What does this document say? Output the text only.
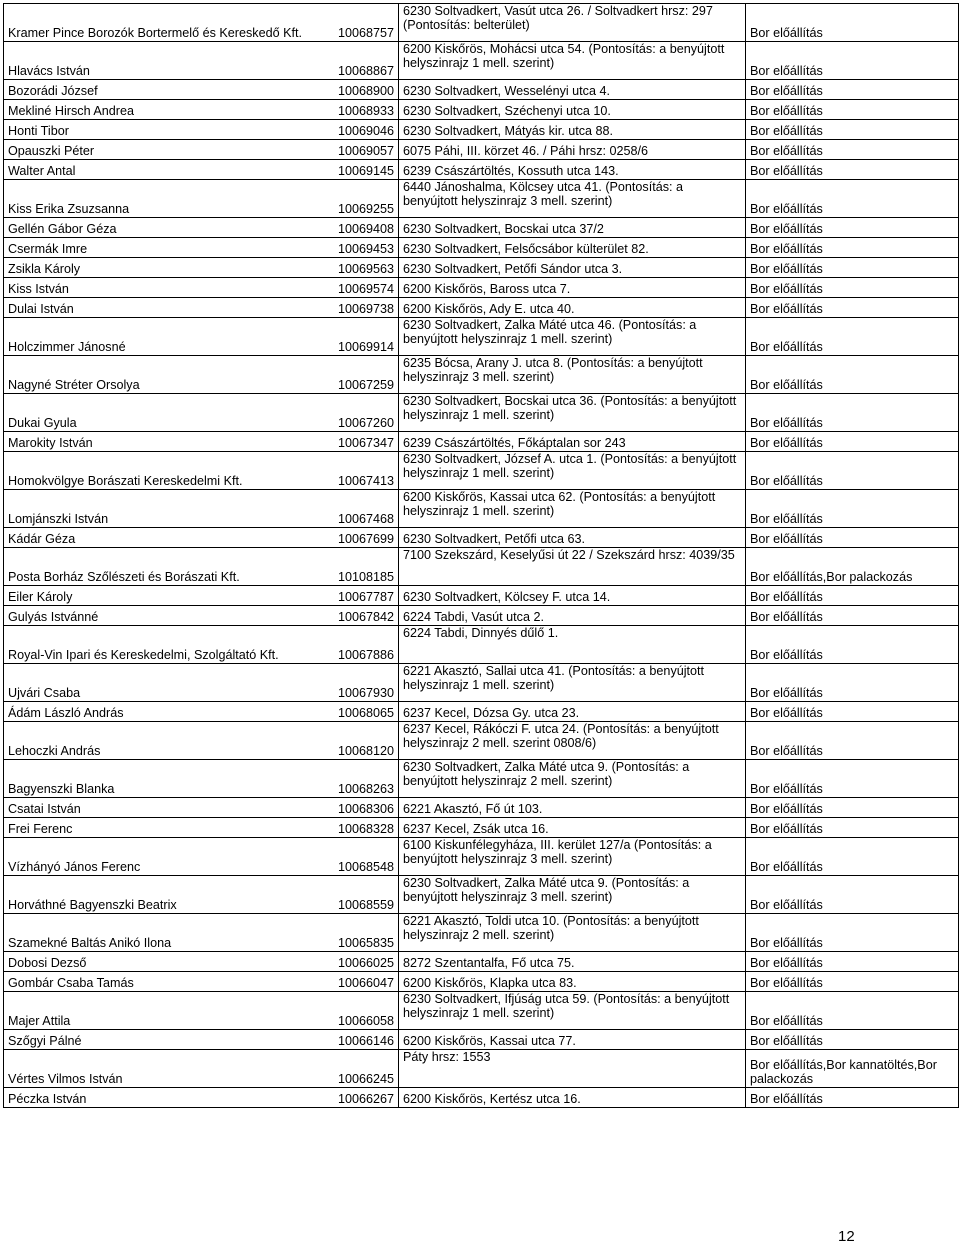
Kramer Pince Borozók Bortermelő és Kereskedő Kft. 10068757	6230 Soltvadkert, Vasút utca 26. / Soltvadkert hrsz: 297 (Pontosítás: belterület)	Bor előállítás

Hlavács István 10068867	6200 Kiskőrös, Mohácsi utca 54. (Pontosítás: a benyújtott helyszinrajz 1 mell. szerint)	Bor előállítás

Bozorádi József 10068900	6230 Soltvadkert, Wesselényi utca 4.	Bor előállítás

Mekliné Hirsch Andrea 10068933	6230 Soltvadkert, Széchenyi utca 10.	Bor előállítás

Honti Tibor 10069046	6230 Soltvadkert, Mátyás kir. utca 88.	Bor előállítás

Opauszki Péter 10069057	6075 Páhi, III. körzet 46. / Páhi hrsz: 0258/6	Bor előállítás

Walter Antal 10069145	6239 Császártöltés, Kossuth utca 143.	Bor előállítás

Kiss Erika Zsuzsanna 10069255	6440 Jánoshalma, Kölcsey utca 41. (Pontosítás: a benyújtott helyszinrajz 3 mell. szerint)	Bor előállítás

Gellén Gábor Géza 10069408	6230 Soltvadkert, Bocskai utca 37/2	Bor előállítás

Csermák Imre 10069453	6230 Soltvadkert, Felsőcsábor külterület 82.	Bor előállítás

Zsikla Károly 10069563	6230 Soltvadkert, Petőfi Sándor utca 3.	Bor előállítás

Kiss István 10069574	6200 Kiskőrös, Baross utca 7.	Bor előállítás

Dulai István 10069738	6200 Kiskőrös, Ady E. utca 40.	Bor előállítás

Holczimmer Jánosné 10069914	6230 Soltvadkert, Zalka Máté utca 46. (Pontosítás: a benyújtott helyszinrajz 1 mell. szerint)	Bor előállítás

Nagyné Stréter Orsolya 10067259	6235 Bócsa, Arany J. utca 8. (Pontosítás: a benyújtott helyszinrajz 3 mell. szerint)	Bor előállítás

Dukai Gyula 10067260	6230 Soltvadkert, Bocskai utca 36. (Pontosítás: a benyújtott helyszinrajz 1 mell. szerint)	Bor előállítás

Marokity István 10067347	6239 Császártöltés, Főkáptalan sor 243	Bor előállítás

Homokvölgye Borászati Kereskedelmi Kft. 10067413	6230 Soltvadkert, József A. utca 1. (Pontosítás: a benyújtott helyszinrajz 1 mell. szerint)	Bor előállítás

Lomjánszki István 10067468	6200 Kiskőrös, Kassai utca 62. (Pontosítás: a benyújtott helyszinrajz 1 mell. szerint)	Bor előállítás

Kádár Géza 10067699	6230 Soltvadkert, Petőfi utca 63.	Bor előállítás

Posta Borház Szőlészeti és Borászati Kft. 10108185	7100 Szekszárd, Keselyűsi út 22 / Szekszárd hrsz: 4039/35	Bor előállítás,Bor palackozás

Eiler Károly 10067787	6230 Soltvadkert, Kölcsey F. utca 14.	Bor előállítás

Gulyás Istvánné 10067842	6224 Tabdi, Vasút utca 2.	Bor előállítás

Royal-Vin Ipari és Kereskedelmi, Szolgáltató Kft. 10067886	6224 Tabdi, Dinnyés dűlő 1.	Bor előállítás

Ujvári Csaba 10067930	6221 Akasztó, Sallai utca 41. (Pontosítás: a benyújtott helyszinrajz 1 mell. szerint)	Bor előállítás

Ádám László András 10068065	6237 Kecel, Dózsa Gy. utca 23.	Bor előállítás

Lehoczki András 10068120	6237 Kecel, Rákóczi F. utca 24. (Pontosítás: a benyújtott helyszinrajz 2 mell. szerint 0808/6)	Bor előállítás

Bagyenszki Blanka 10068263	6230 Soltvadkert, Zalka Máté utca 9. (Pontosítás: a benyújtott helyszinrajz 2 mell. szerint)	Bor előállítás

Csatai István 10068306	6221 Akasztó, Fő út 103.	Bor előállítás

Frei Ferenc 10068328	6237 Kecel, Zsák utca 16.	Bor előállítás

Vízhányó János Ferenc 10068548	6100 Kiskunfélegyháza, III. kerület 127/a (Pontosítás: a benyújtott helyszinrajz 3 mell. szerint)	Bor előállítás

Horváthné Bagyenszki Beatrix 10068559	6230 Soltvadkert, Zalka Máté utca 9. (Pontosítás: a benyújtott helyszinrajz 3 mell. szerint)	Bor előállítás

Szamekné Baltás Anikó Ilona 10065835	6221 Akasztó, Toldi utca 10. (Pontosítás: a benyújtott helyszinrajz 2 mell. szerint)	Bor előállítás

Dobosi Dezső 10066025	8272 Szentantalfa, Fő utca 75.	Bor előállítás

Gombár Csaba Tamás 10066047	6200 Kiskőrös, Klapka utca 83.	Bor előállítás

Majer Attila 10066058	6230 Soltvadkert, Ifjúság utca 59. (Pontosítás: a benyújtott helyszinrajz 1 mell. szerint)	Bor előállítás

Szőgyi Pálné 10066146	6200 Kiskőrös, Kassai utca 77.	Bor előállítás

Vértes Vilmos István 10066245	Páty hrsz: 1553	Bor előállítás,Bor kannatöltés,Bor palackozás

Péczka István 10066267	6200 Kiskőrös, Kertész utca 16.	Bor előállítás
12
